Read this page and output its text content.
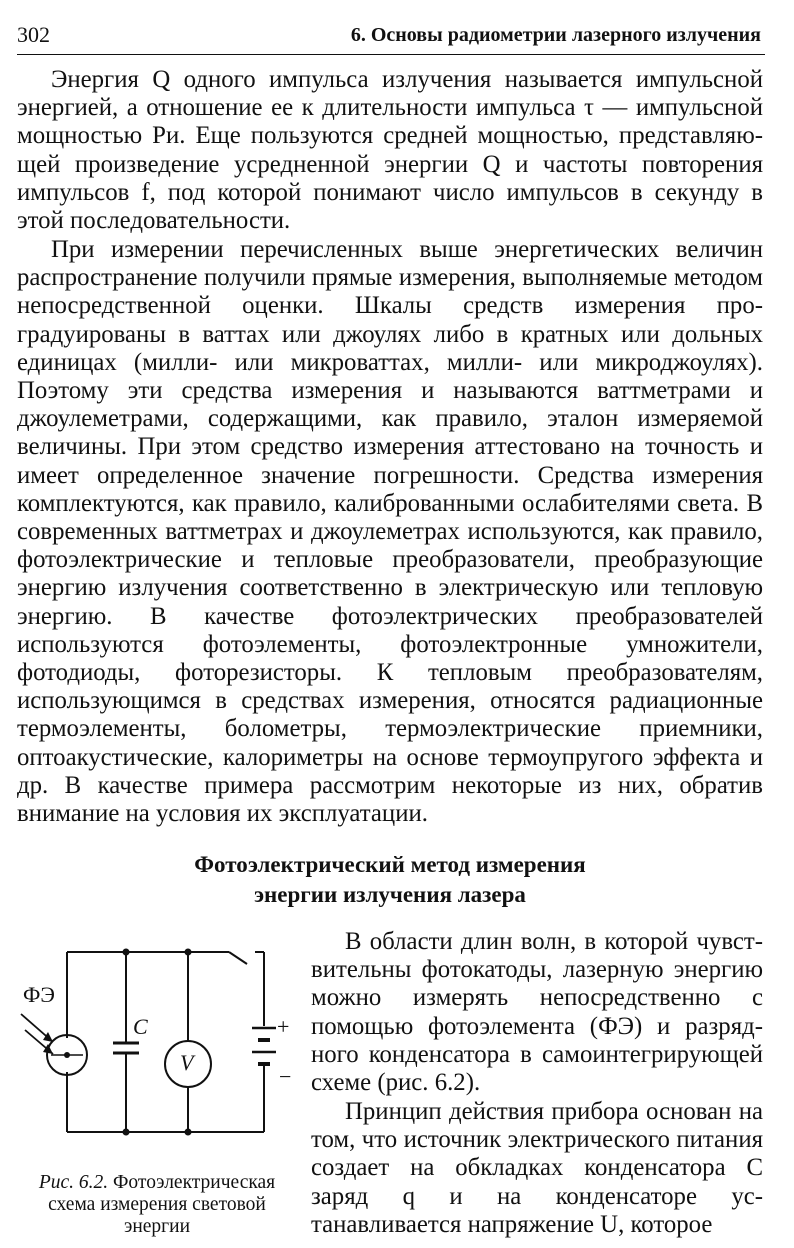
302	6. Основы радиометрии лазерного излучения

Энергия Q одного импульса излучения называется импульсной энергией, а отношение ее к длительности импульса τ — импульсной мощностью Pи. Еще пользуются средней мощностью, представляющей произведение усредненной энергии Q и частоты повторения импульсов f, под которой понимают число импульсов в секунду в этой последовательности.

При измерении перечисленных выше энергетических величин распространение получили прямые измерения, выполняемые методом непосредственной оценки. Шкалы средств измерения проградуированы в ваттах или джоулях либо в кратных или дольных единицах (милли- или микроваттах, милли- или микроджоулях). Поэтому эти средства измерения и называются ваттметрами и джоулеметрами, содержащими, как правило, эталон измеряемой величины. При этом средство измерения аттестовано на точность и имеет определенное значение погрешности. Средства измерения комплектуются, как правило, калиброванными ослабителями света. В современных ваттметрах и джоулеметрах используются, как правило, фотоэлектрические и тепловые преобразователи, преобразующие энергию излучения соответственно в электрическую или тепловую энергию. В качестве фотоэлектрических преобразователей используются фотоэлементы, фотоэлектронные умножители, фотодиоды, фоторезисторы. К тепловым преобразователям, использующимся в средствах измерения, относятся радиационные термоэлементы, болометры, термоэлектрические приемники, оптоакустические, калориметры на основе термоупругого эффекта и др. В качестве примера рассмотрим некоторые из них, обратив внимание на условия их эксплуатации.

Фотоэлектрический метод измерения
энергии излучения лазера
ФЭ
C
V
+
−
Рис. 6.2. Фотоэлектрическая схема измерения световой энергии

В области длин волн, в которой чувствительны фотокатоды, лазерную энергию можно измерять непосредственно с помощью фотоэлемента (ФЭ) и разрядного конденсатора в самоинтегрирующей схеме (рис. 6.2).

Принцип действия прибора основан на том, что источник электрического питания создает на обкладках конденсатора C заряд q и на конденсаторе устанавливается напряжение U, которое
